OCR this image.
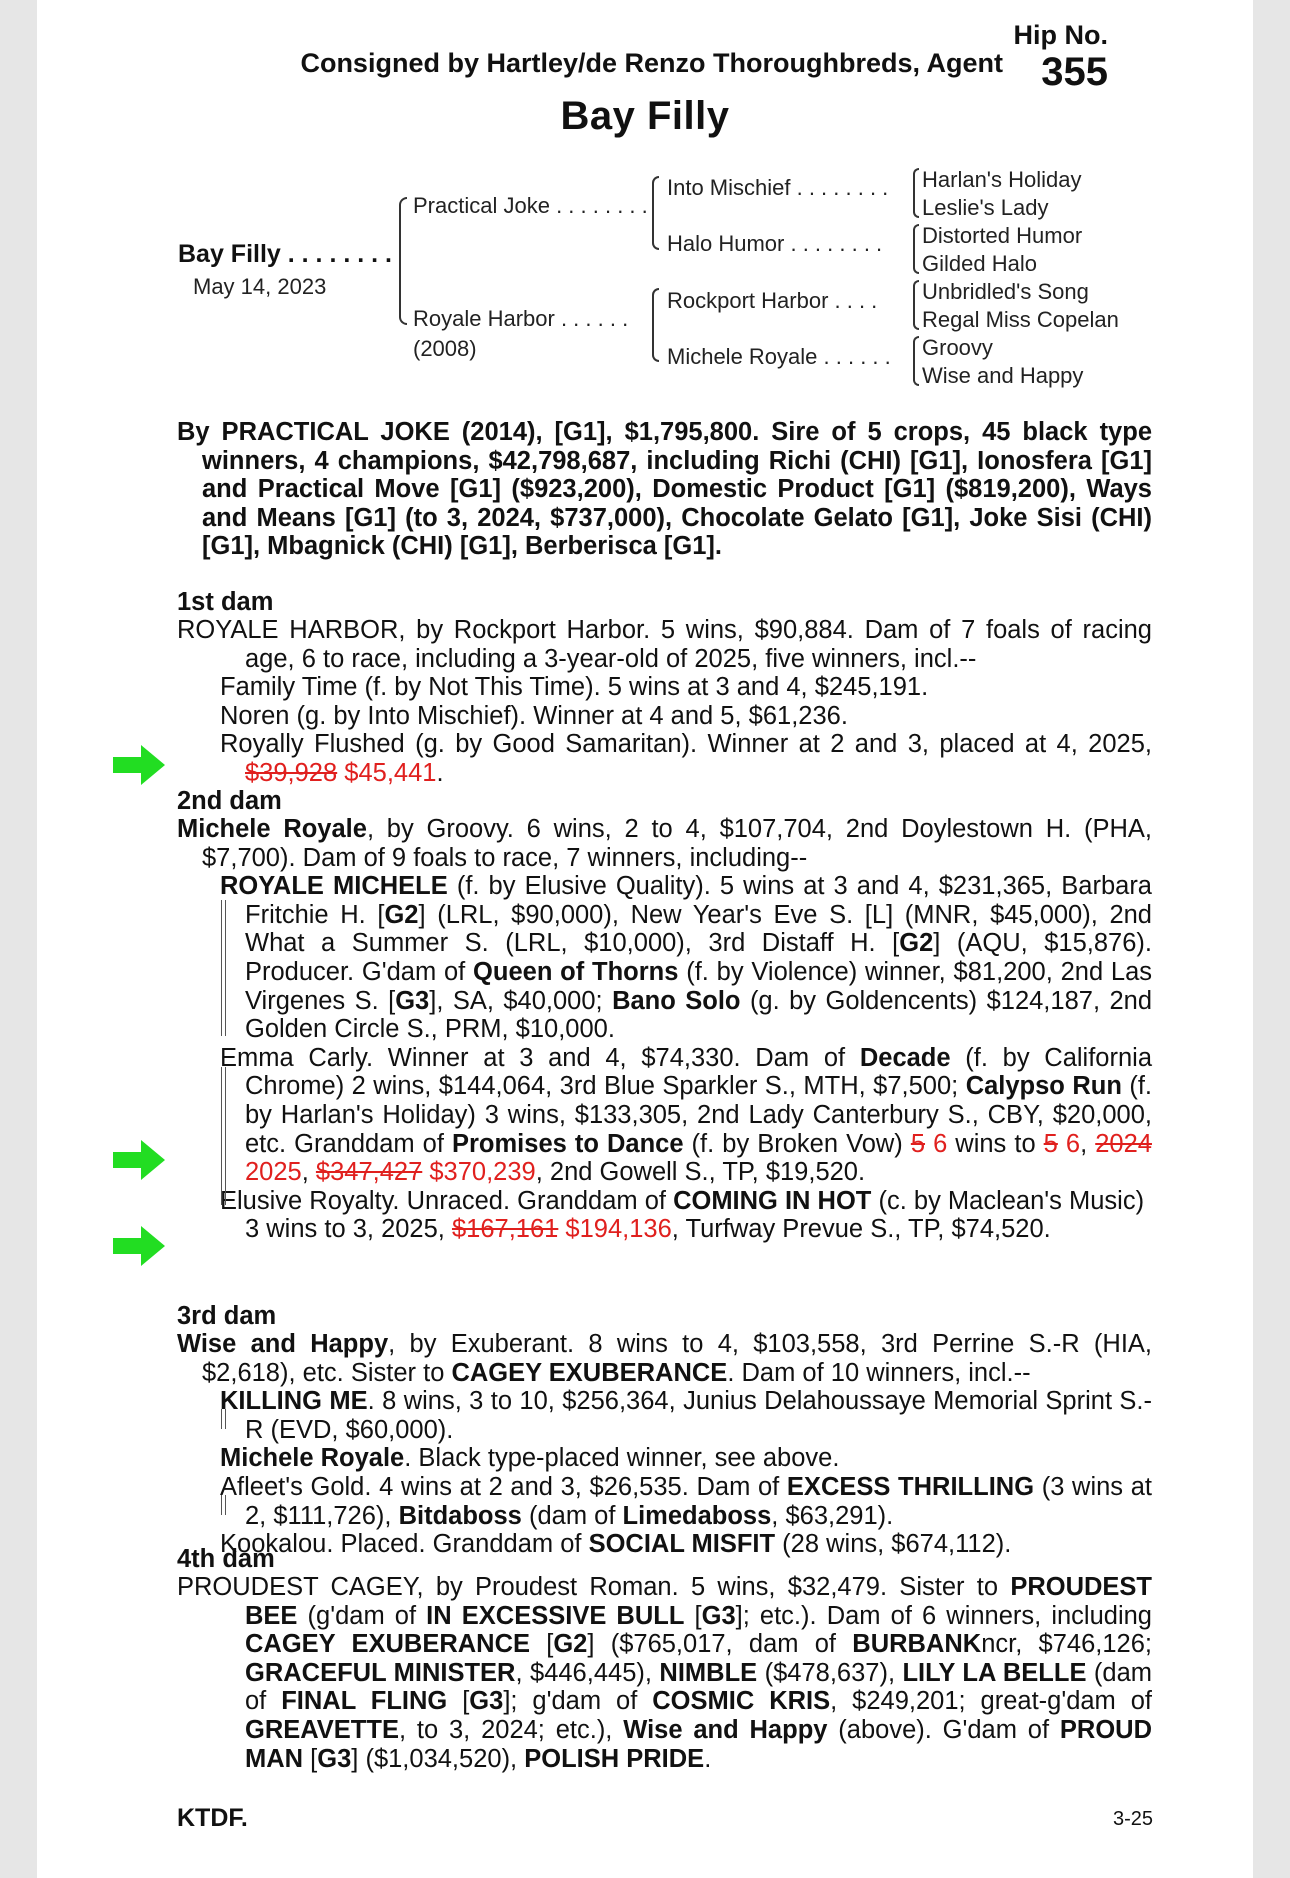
Hip No.
355
Consigned by Hartley/de Renzo Thoroughbreds, Agent
Bay Filly
Bay Filly . . . . . . . .
May 14, 2023
Practical Joke . . . . . . . .
Royale Harbor . . . . . .
(2008)
Into Mischief . . . . . . . .
Halo Humor . . . . . . . .
Rockport Harbor . . . .
Michele Royale . . . . . .
Harlan's Holiday
Leslie's Lady
Distorted Humor
Gilded Halo
Unbridled's Song
Regal Miss Copelan
Groovy
Wise and Happy
By PRACTICAL JOKE (2014), [G1], $1,795,800. Sire of 5 crops, 45 black type winners, 4 champions, $42,798,687, including Richi (CHI) [G1], Ionosfera [G1] and Practical Move [G1] ($923,200), Domestic Product [G1] ($819,200), Ways and Means [G1] (to 3, 2024, $737,000), Chocolate Gelato [G1], Joke Sisi (CHI) [G1], Mbagnick (CHI) [G1], Berberisca [G1].
1st dam
ROYALE HARBOR, by Rockport Harbor. 5 wins, $90,884. Dam of 7 foals of racing age, 6 to race, including a 3-year-old of 2025, five winners, incl.--
Family Time (f. by Not This Time). 5 wins at 3 and 4, $245,191.
Noren (g. by Into Mischief). Winner at 4 and 5, $61,236.
Royally Flushed (g. by Good Samaritan). Winner at 2 and 3, placed at 4, 2025, $39,928 $45,441.
2nd dam
Michele Royale, by Groovy. 6 wins, 2 to 4, $107,704, 2nd Doylestown H. (PHA, $7,700). Dam of 9 foals to race, 7 winners, including--
ROYALE MICHELE (f. by Elusive Quality). 5 wins at 3 and 4, $231,365, Barbara Fritchie H. [G2] (LRL, $90,000), New Year's Eve S. [L] (MNR, $45,000), 2nd What a Summer S. (LRL, $10,000), 3rd Distaff H. [G2] (AQU, $15,876). Producer. G'dam of Queen of Thorns (f. by Violence) winner, $81,200, 2nd Las Virgenes S. [G3], SA, $40,000; Bano Solo (g. by Goldencents) $124,187, 2nd Golden Circle S., PRM, $10,000.
Emma Carly. Winner at 3 and 4, $74,330. Dam of Decade (f. by California Chrome) 2 wins, $144,064, 3rd Blue Sparkler S., MTH, $7,500; Calypso Run (f. by Harlan's Holiday) 3 wins, $133,305, 2nd Lady Canterbury S., CBY, $20,000, etc. Granddam of Promises to Dance (f. by Broken Vow) 5 6 wins to 5 6, 2024 2025, $347,427 $370,239, 2nd Gowell S., TP, $19,520.
Elusive Royalty. Unraced. Granddam of COMING IN HOT (c. by Maclean's Music) 3 wins to 3, 2025, $167,161 $194,136, Turfway Prevue S., TP, $74,520.
3rd dam
Wise and Happy, by Exuberant. 8 wins to 4, $103,558, 3rd Perrine S.-R (HIA, $2,618), etc. Sister to CAGEY EXUBERANCE. Dam of 10 winners, incl.--
KILLING ME. 8 wins, 3 to 10, $256,364, Junius Delahoussaye Memorial Sprint S.-R (EVD, $60,000).
Michele Royale. Black type-placed winner, see above.
Afleet's Gold. 4 wins at 2 and 3, $26,535. Dam of EXCESS THRILLING (3 wins at 2, $111,726), Bitdaboss (dam of Limedaboss, $63,291).
Kookalou. Placed. Granddam of SOCIAL MISFIT (28 wins, $674,112).
4th dam
PROUDEST CAGEY, by Proudest Roman. 5 wins, $32,479. Sister to PROUDEST BEE (g'dam of IN EXCESSIVE BULL [G3]; etc.). Dam of 6 winners, including CAGEY EXUBERANCE [G2] ($765,017, dam of BURBANKncr, $746,126; GRACEFUL MINISTER, $446,445), NIMBLE ($478,637), LILY LA BELLE (dam of FINAL FLING [G3]; g'dam of COSMIC KRIS, $249,201; great-g'dam of GREAVETTE, to 3, 2024; etc.), Wise and Happy (above). G'dam of PROUD MAN [G3] ($1,034,520), POLISH PRIDE.
KTDF.	3-25
